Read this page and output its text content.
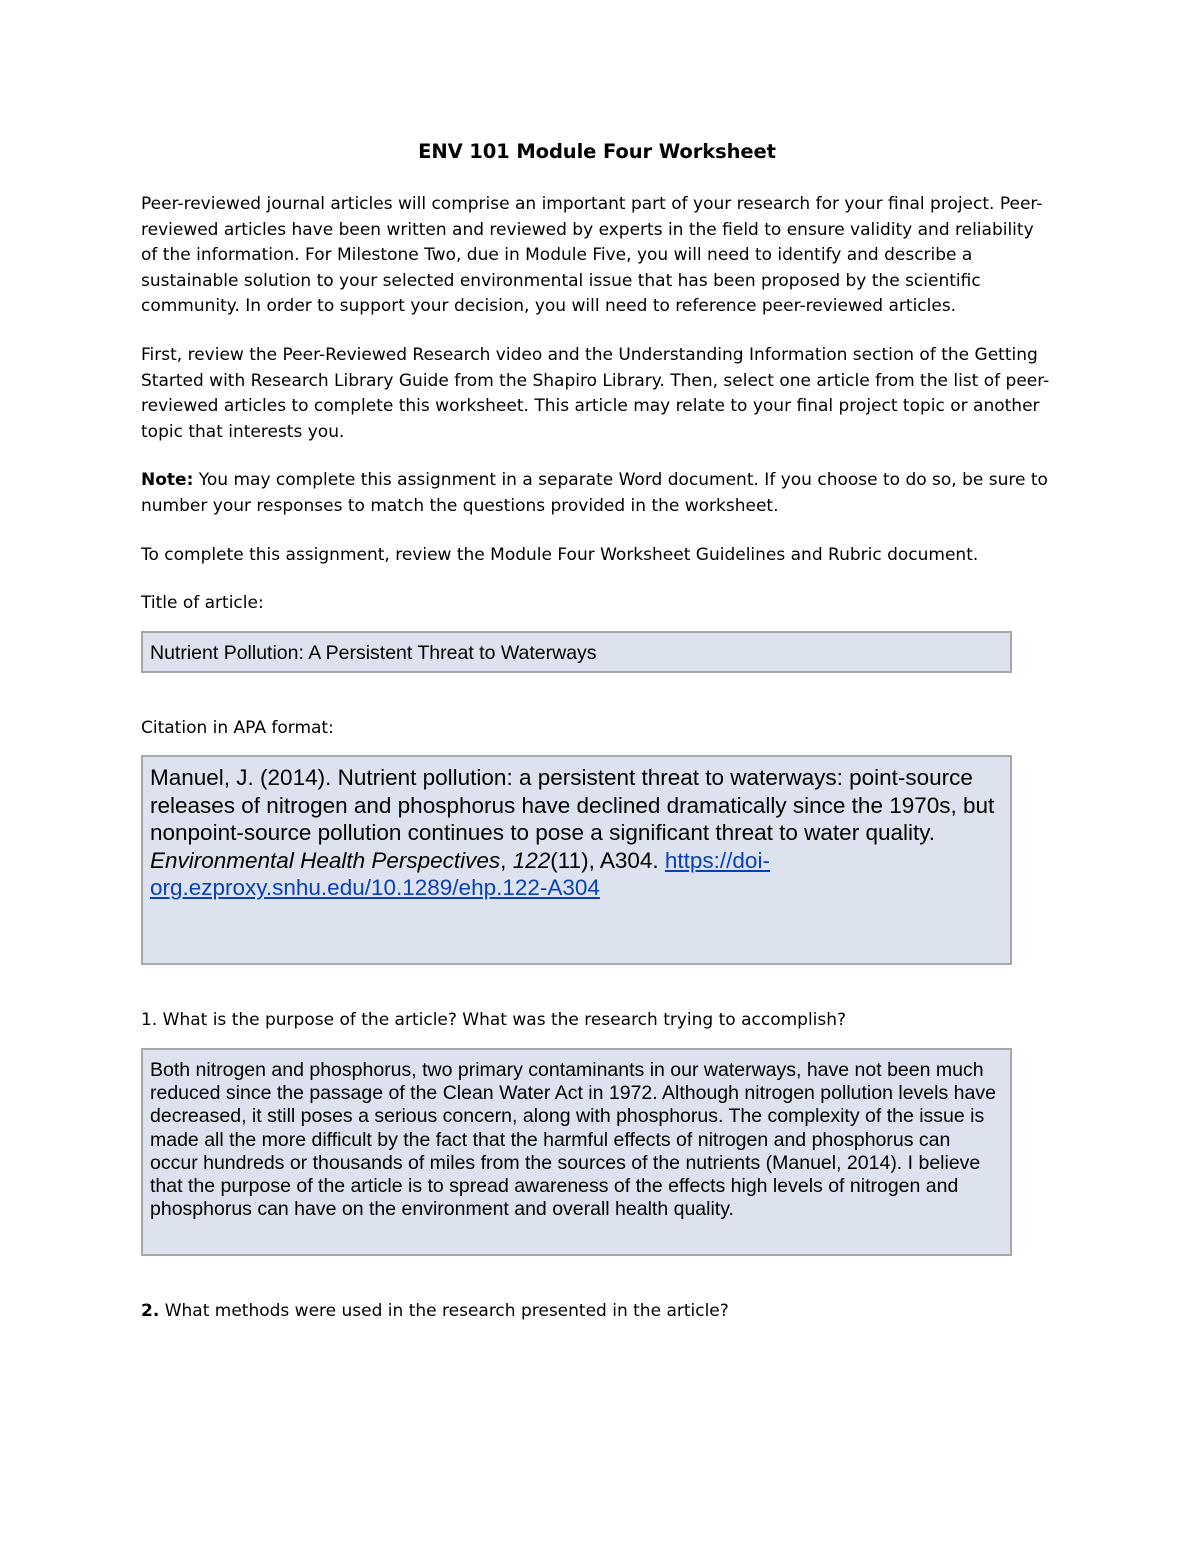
ENV 101 Module Four Worksheet

Peer-reviewed journal articles will comprise an important part of your research for your final project. Peer-reviewed articles have been written and reviewed by experts in the field to ensure validity and reliability of the information. For Milestone Two, due in Module Five, you will need to identify and describe a sustainable solution to your selected environmental issue that has been proposed by the scientific community. In order to support your decision, you will need to reference peer-reviewed articles.

First, review the Peer-Reviewed Research video and the Understanding Information section of the Getting Started with Research Library Guide from the Shapiro Library. Then, select one article from the list of peer-reviewed articles to complete this worksheet. This article may relate to your final project topic or another topic that interests you.

Note: You may complete this assignment in a separate Word document. If you choose to do so, be sure to number your responses to match the questions provided in the worksheet.

To complete this assignment, review the Module Four Worksheet Guidelines and Rubric document.

Title of article:

Nutrient Pollution: A Persistent Threat to Waterways

Citation in APA format:

Manuel, J. (2014). Nutrient pollution: a persistent threat to waterways: point-source releases of nitrogen and phosphorus have declined dramatically since the 1970s, but nonpoint-source pollution continues to pose a significant threat to water quality. Environmental Health Perspectives, 122(11), A304. https://doi-org.ezproxy.snhu.edu/10.1289/ehp.122-A304

1. What is the purpose of the article? What was the research trying to accomplish?

Both nitrogen and phosphorus, two primary contaminants in our waterways, have not been much reduced since the passage of the Clean Water Act in 1972. Although nitrogen pollution levels have decreased, it still poses a serious concern, along with phosphorus. The complexity of the issue is made all the more difficult by the fact that the harmful effects of nitrogen and phosphorus can occur hundreds or thousands of miles from the sources of the nutrients (Manuel, 2014). I believe that the purpose of the article is to spread awareness of the effects high levels of nitrogen and phosphorus can have on the environment and overall health quality.

2. What methods were used in the research presented in the article?
